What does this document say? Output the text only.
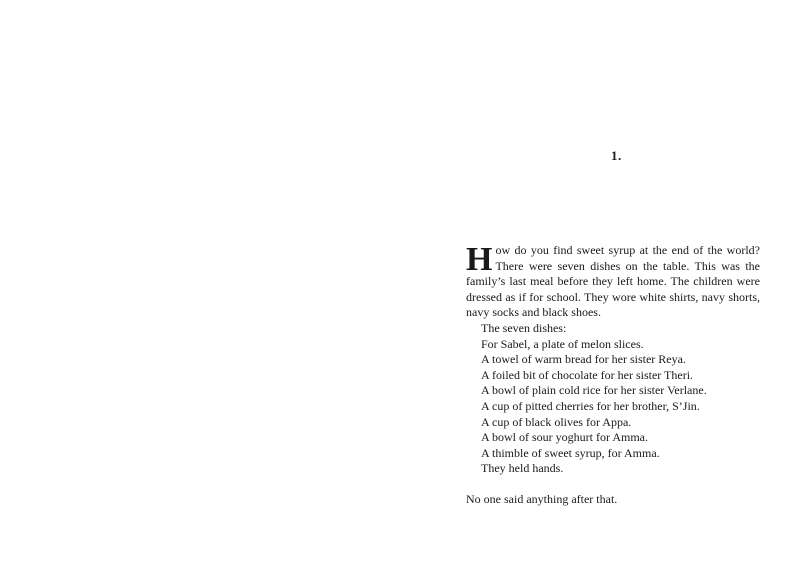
1.

How do you find sweet syrup at the end of the world? There were seven dishes on the table. This was the family’s last meal before they left home. The children were dressed as if for school. They wore white shirts, navy shorts, navy socks and black shoes.

The seven dishes:

For Sabel, a plate of melon slices.

A towel of warm bread for her sister Reya.

A foiled bit of chocolate for her sister Theri.

A bowl of plain cold rice for her sister Verlane.

A cup of pitted cherries for her brother, S’Jin.

A cup of black olives for Appa.

A bowl of sour yoghurt for Amma.

A thimble of sweet syrup, for Amma.

They held hands.

No one said anything after that.
